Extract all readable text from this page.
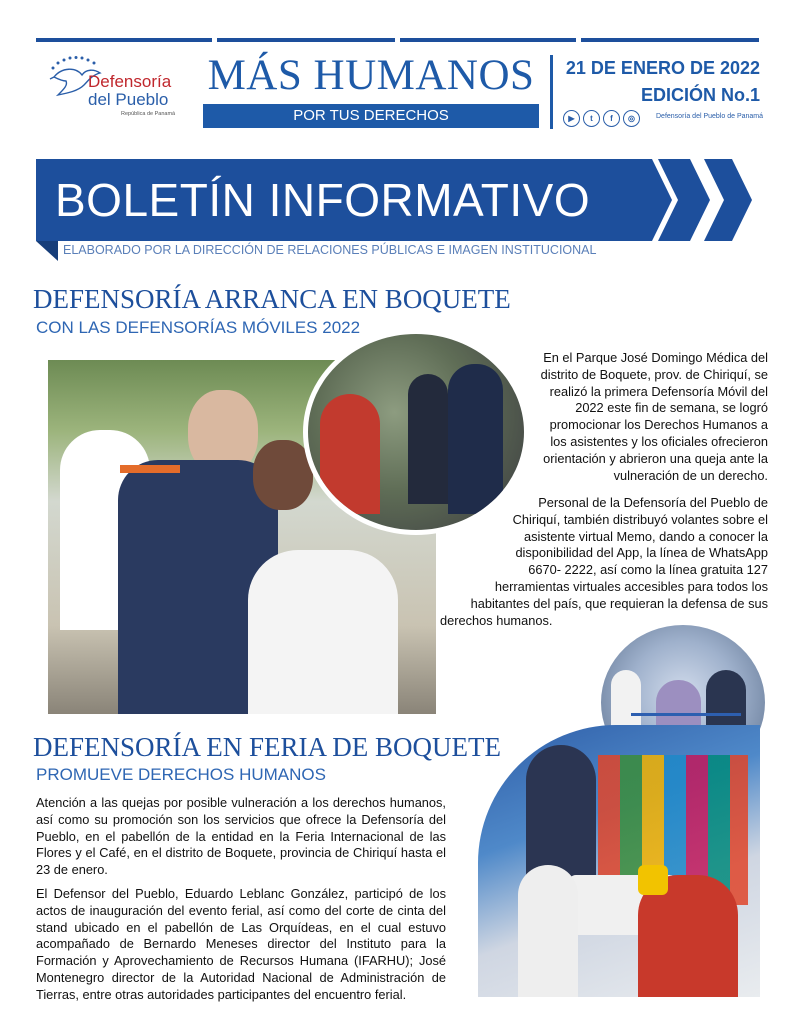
Defensoría
del Pueblo
República de Panamá
MÁS HUMANOS
POR TUS DERECHOS
21 DE ENERO DE 2022
EDICIÓN No.1
▶	t	f	◎	Defensoría del Pueblo de Panamá
BOLETÍN INFORMATIVO
ELABORADO POR LA DIRECCIÓN DE RELACIONES PÚBLICAS E IMAGEN INSTITUCIONAL
DEFENSORÍA ARRANCA EN BOQUETE
CON LAS DEFENSORÍAS MÓVILES 2022
En el Parque José Domingo Médica del
distrito de Boquete, prov. de Chiriquí, se
realizó la primera Defensoría Móvil del
2022 este fin de semana, se logró
promocionar los Derechos Humanos a
los asistentes y los oficiales ofrecieron
orientación y abrieron una queja ante la
vulneración de un derecho.
Personal de la Defensoría del Pueblo de
Chiriquí, también distribuyó volantes sobre el
asistente virtual Memo, dando a conocer la
disponibilidad del App, la línea de WhatsApp
6670- 2222, así como la línea gratuita 127
herramientas virtuales accesibles para todos los
habitantes del país, que requieran la defensa de sus
derechos humanos.
DEFENSORÍA EN FERIA DE BOQUETE
PROMUEVE DERECHOS HUMANOS
Atención a las quejas por posible vulneración a los derechos humanos, así como su promoción son los servicios que ofrece la Defensoría del Pueblo, en el pabellón de la entidad en la Feria Internacional de las Flores y el Café, en el distrito de Boquete, provincia de Chiriquí hasta el 23 de enero.
El Defensor del Pueblo, Eduardo Leblanc González, participó de los actos de inauguración del evento ferial, así como del corte de cinta del stand ubicado en el pabellón de Las Orquídeas, en el cual estuvo acompañado de Bernardo Meneses director del Instituto para la Formación y Aprovechamiento de Recursos Humana (IFARHU); José Montenegro director de la Autoridad Nacional de Administración de Tierras, entre otras autoridades participantes del encuentro ferial.
